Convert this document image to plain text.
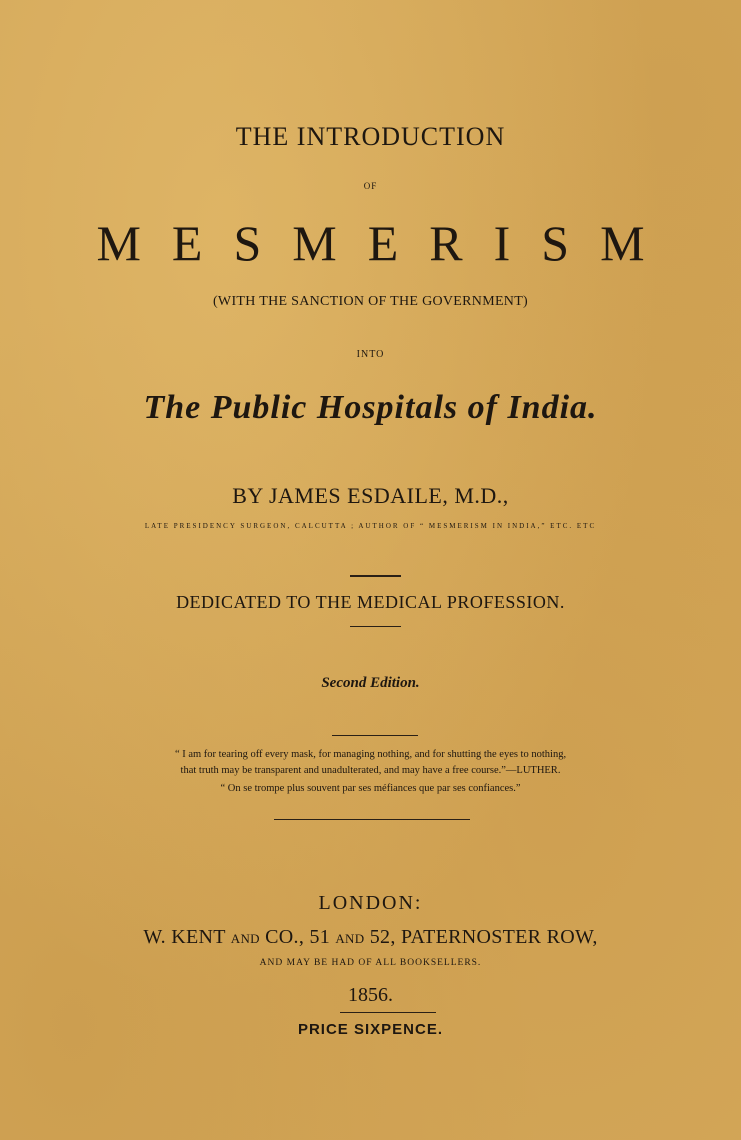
THE INTRODUCTION
OF
MESMERISM
(WITH THE SANCTION OF THE GOVERNMENT)
INTO
The Public Hospitals of India.
BY JAMES ESDAILE, M.D.,
LATE PRESIDENCY SURGEON, CALCUTTA ; AUTHOR OF “ MESMERISM IN INDIA,” ETC. ETC
DEDICATED TO THE MEDICAL PROFESSION.
Second Edition.
“ I am for tearing off every mask, for managing nothing, and for shutting the eyes to nothing,
that truth may be transparent and unadulterated, and may have a free course.”—LUTHER.
“ On se trompe plus souvent par ses méfiances que par ses confiances.”
LONDON:
W. KENT AND CO., 51 AND 52, PATERNOSTER ROW,
AND MAY BE HAD OF ALL BOOKSELLERS.
1856.
PRICE SIXPENCE.
